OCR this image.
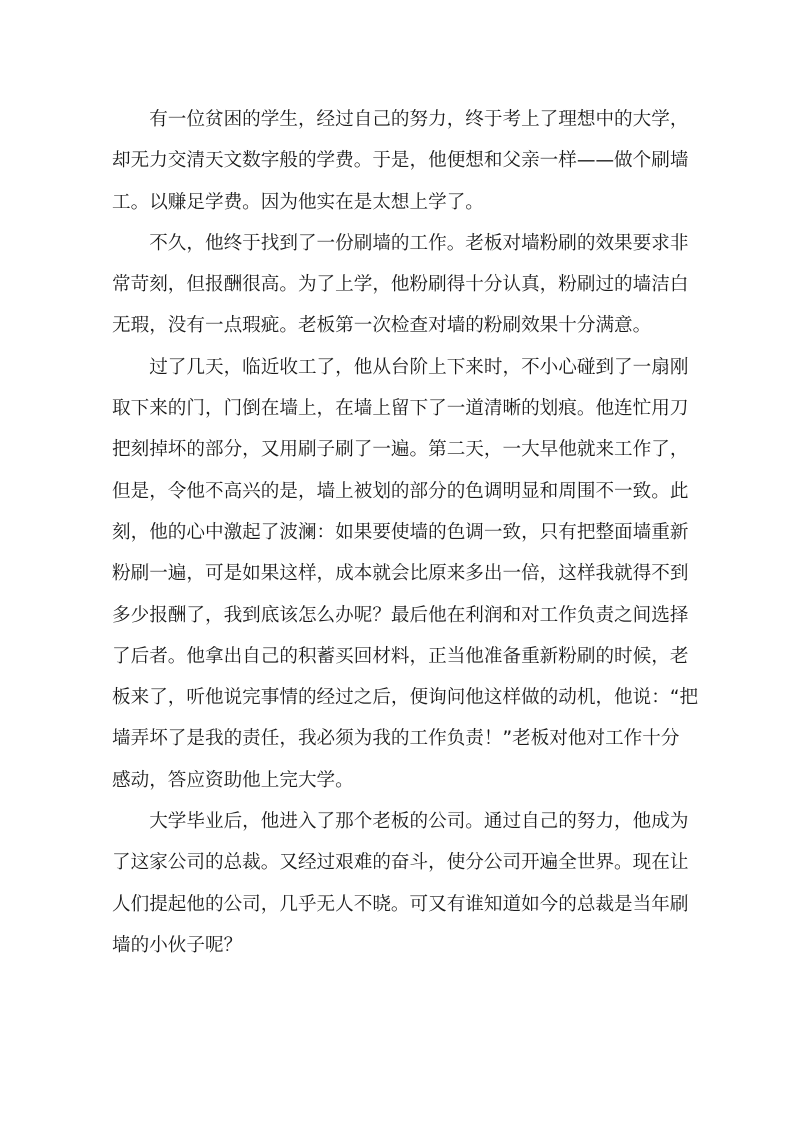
　　有一位贫困的学生，经过自己的努力，终于考上了理想中的大学，
却无力交清天文数字般的学费。于是，他便想和父亲一样——做个刷墙
工。以赚足学费。因为他实在是太想上学了。
　　不久，他终于找到了一份刷墙的工作。老板对墙粉刷的效果要求非
常苛刻，但报酬很高。为了上学，他粉刷得十分认真，粉刷过的墙洁白
无瑕，没有一点瑕疵。老板第一次检查对墙的粉刷效果十分满意。
　　过了几天，临近收工了，他从台阶上下来时，不小心碰到了一扇刚
取下来的门，门倒在墙上，在墙上留下了一道清晰的划痕。他连忙用刀
把刻掉坏的部分，又用刷子刷了一遍。第二天，一大早他就来工作了，
但是，令他不高兴的是，墙上被划的部分的色调明显和周围不一致。此
刻，他的心中激起了波澜：如果要使墙的色调一致，只有把整面墙重新
粉刷一遍，可是如果这样，成本就会比原来多出一倍，这样我就得不到
多少报酬了，我到底该怎么办呢？最后他在利润和对工作负责之间选择
了后者。他拿出自己的积蓄买回材料，正当他准备重新粉刷的时候，老
板来了，听他说完事情的经过之后，便询问他这样做的动机，他说：“把
墙弄坏了是我的责任，我必须为我的工作负责！”老板对他对工作十分
感动，答应资助他上完大学。
　　大学毕业后，他进入了那个老板的公司。通过自己的努力，他成为
了这家公司的总裁。又经过艰难的奋斗，使分公司开遍全世界。现在让
人们提起他的公司，几乎无人不晓。可又有谁知道如今的总裁是当年刷
墙的小伙子呢？
